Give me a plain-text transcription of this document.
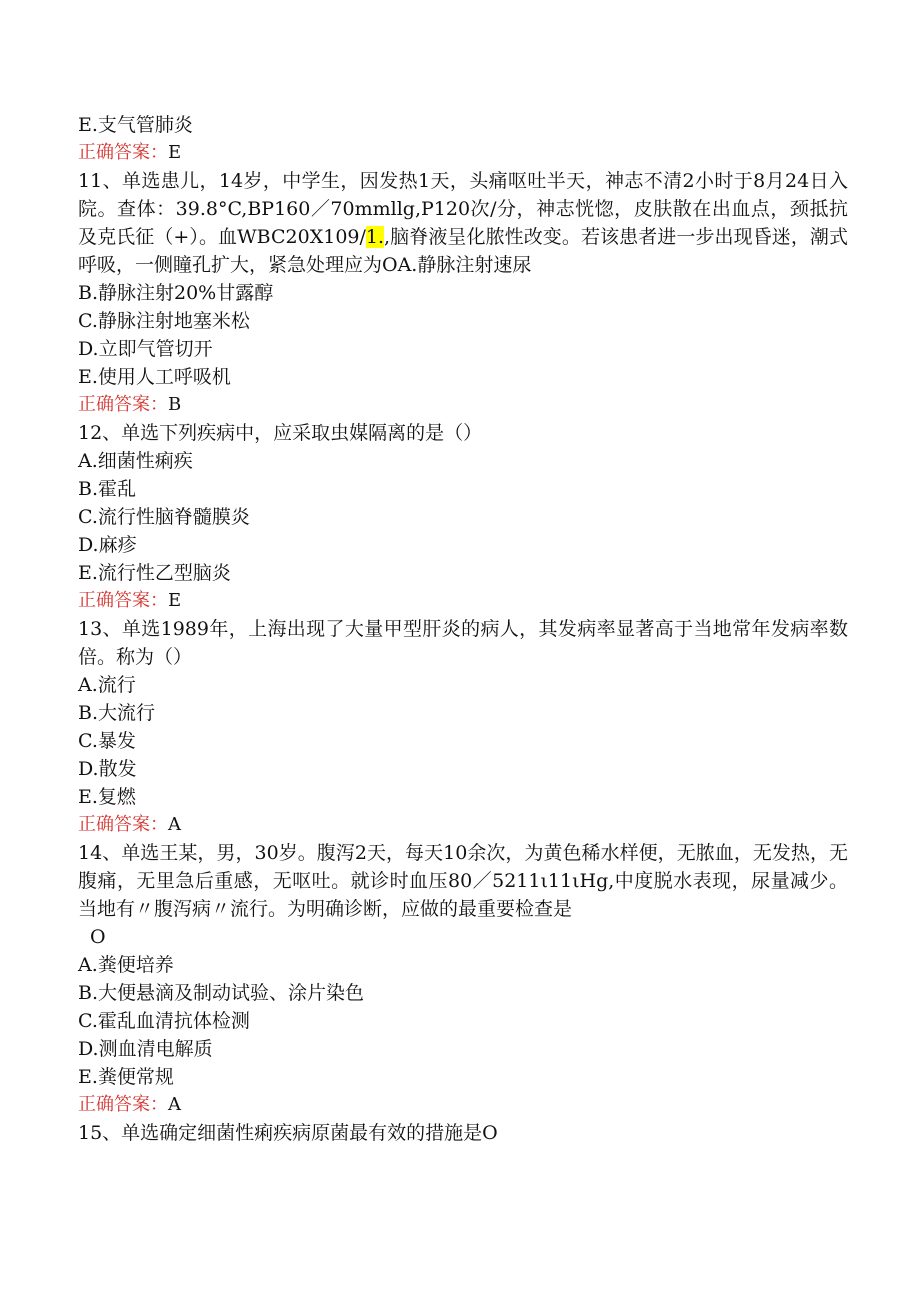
E.支气管肺炎
正确答案：E
11、单选患儿，14岁，中学生，因发热1天，头痛呕吐半天，神志不清2小时于8月24日入院。查体：39.8°C,BP160／70mmllg,P120次/分，神志恍惚，皮肤散在出血点，颈抵抗及克氏征（+）。血WBC20X109/1.,脑脊液呈化脓性改变。若该患者进一步出现昏迷，潮式呼吸，一侧瞳孔扩大，紧急处理应为OA.静脉注射速尿
B.静脉注射20%甘露醇
C.静脉注射地塞米松
D.立即气管切开
E.使用人工呼吸机
正确答案：B
12、单选下列疾病中，应采取虫媒隔离的是（）
A.细菌性痢疾
B.霍乱
C.流行性脑脊髓膜炎
D.麻疹
E.流行性乙型脑炎
正确答案：E
13、单选1989年，上海出现了大量甲型肝炎的病人，其发病率显著高于当地常年发病率数倍。称为（）
A.流行
B.大流行
C.暴发
D.散发
E.复燃
正确答案：A
14、单选王某，男，30岁。腹泻2天，每天10余次，为黄色稀水样便，无脓血，无发热，无腹痛，无里急后重感，无呕吐。就诊时血压80／5211ι11ιHg,中度脱水表现，尿量减少。当地有〃腹泻病〃流行。为明确诊断，应做的最重要检查是
O
A.粪便培养
B.大便悬滴及制动试验、涂片染色
C.霍乱血清抗体检测
D.测血清电解质
E.粪便常规
正确答案：A
15、单选确定细菌性痢疾病原菌最有效的措施是O
